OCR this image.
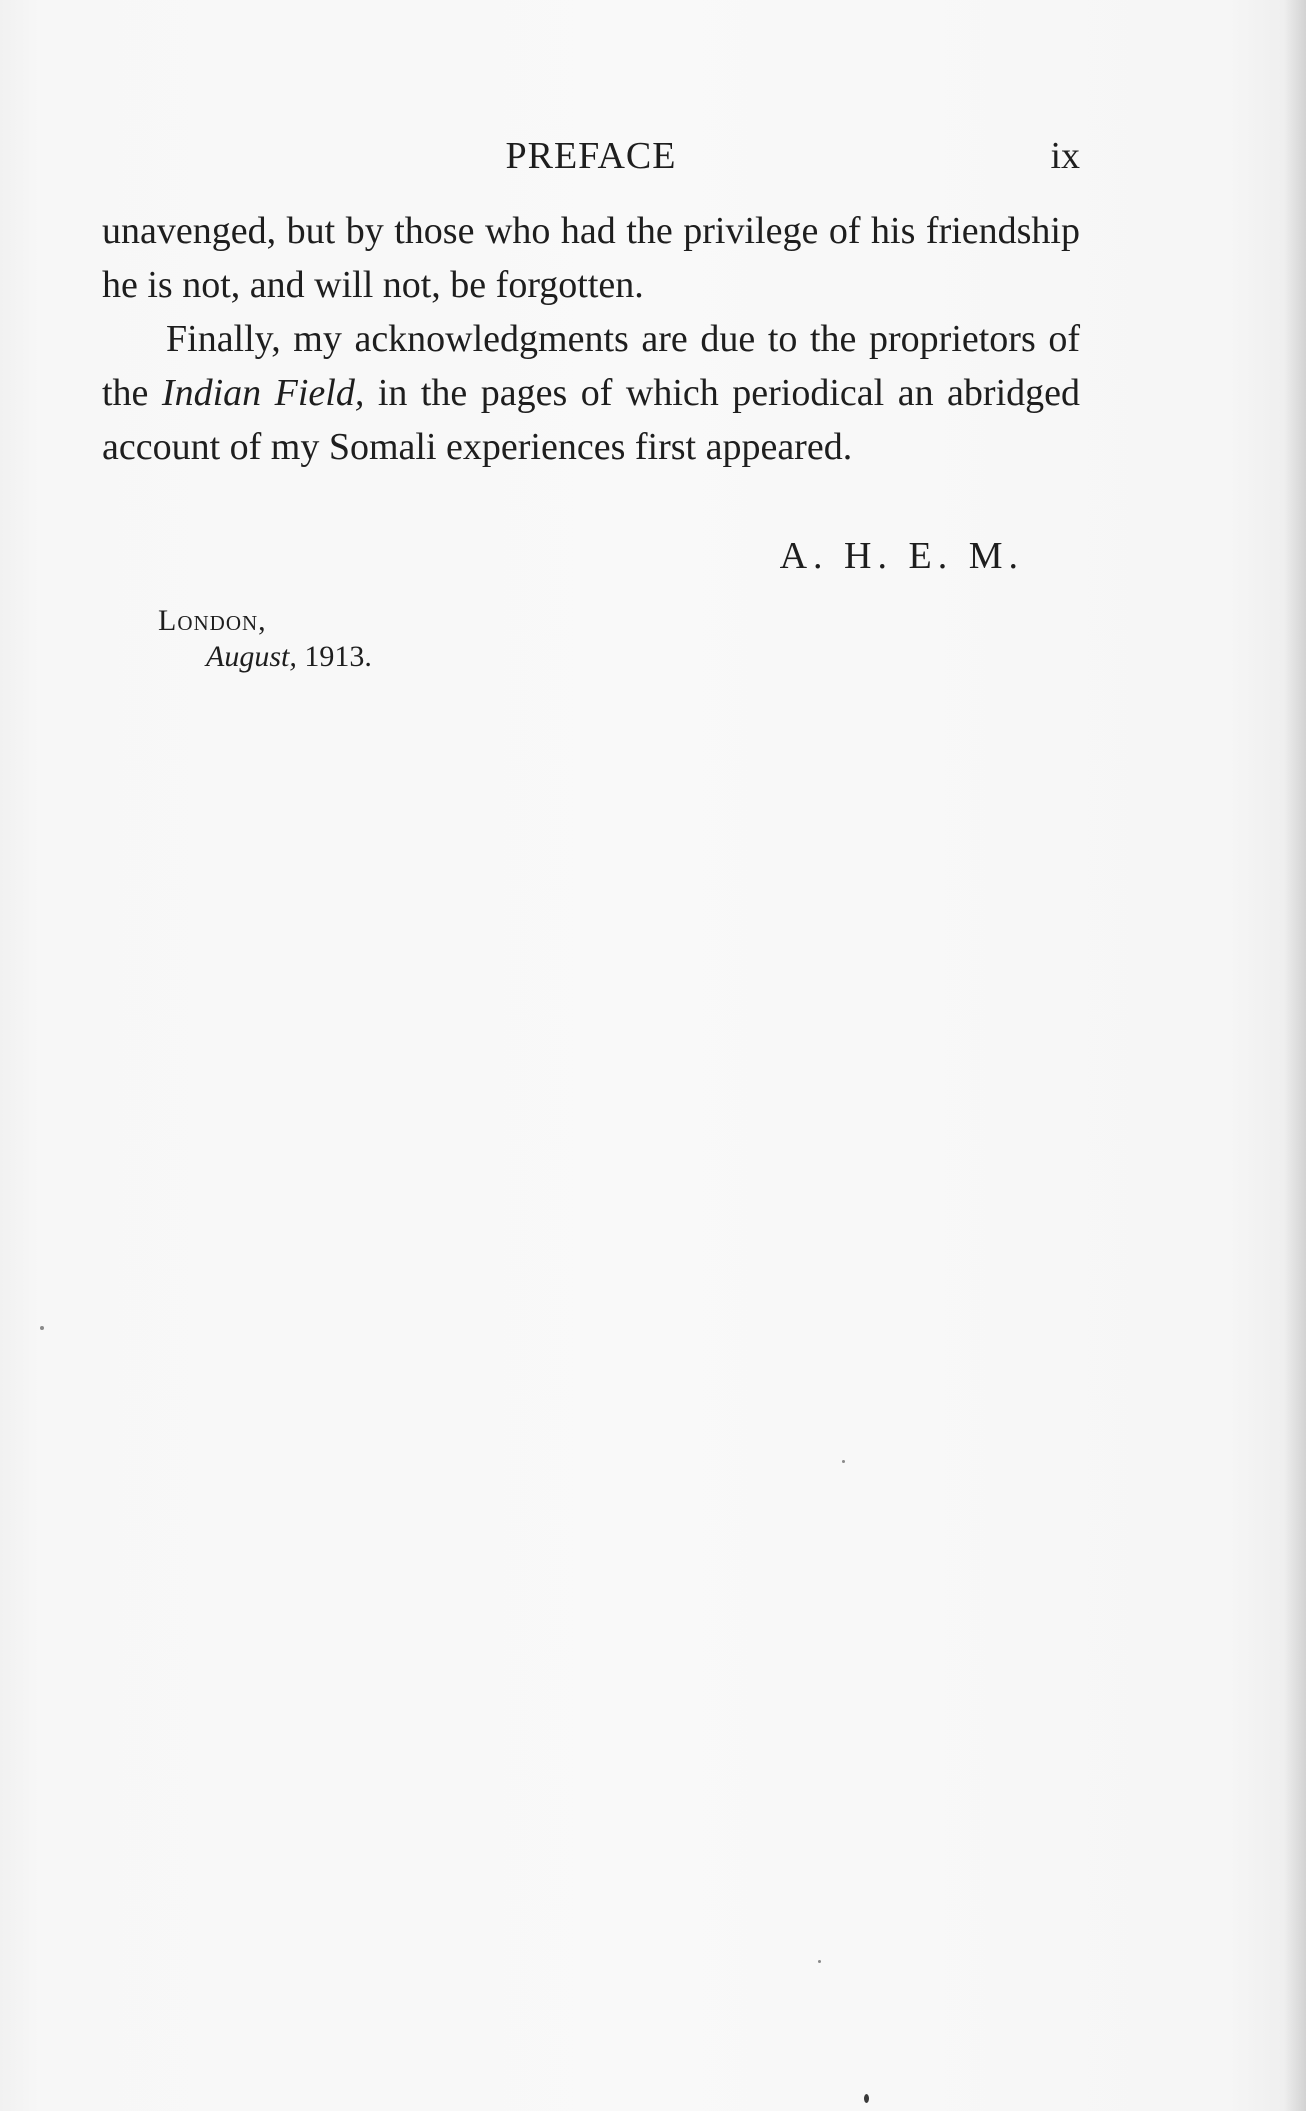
PREFACE	ix

unavenged, but by those who had the privilege of his friendship he is not, and will not, be forgotten.

Finally, my acknowledgments are due to the proprietors of the Indian Field, in the pages of which periodical an abridged account of my Somali experiences first appeared.

A. H. E. M.
London,
August, 1913.
